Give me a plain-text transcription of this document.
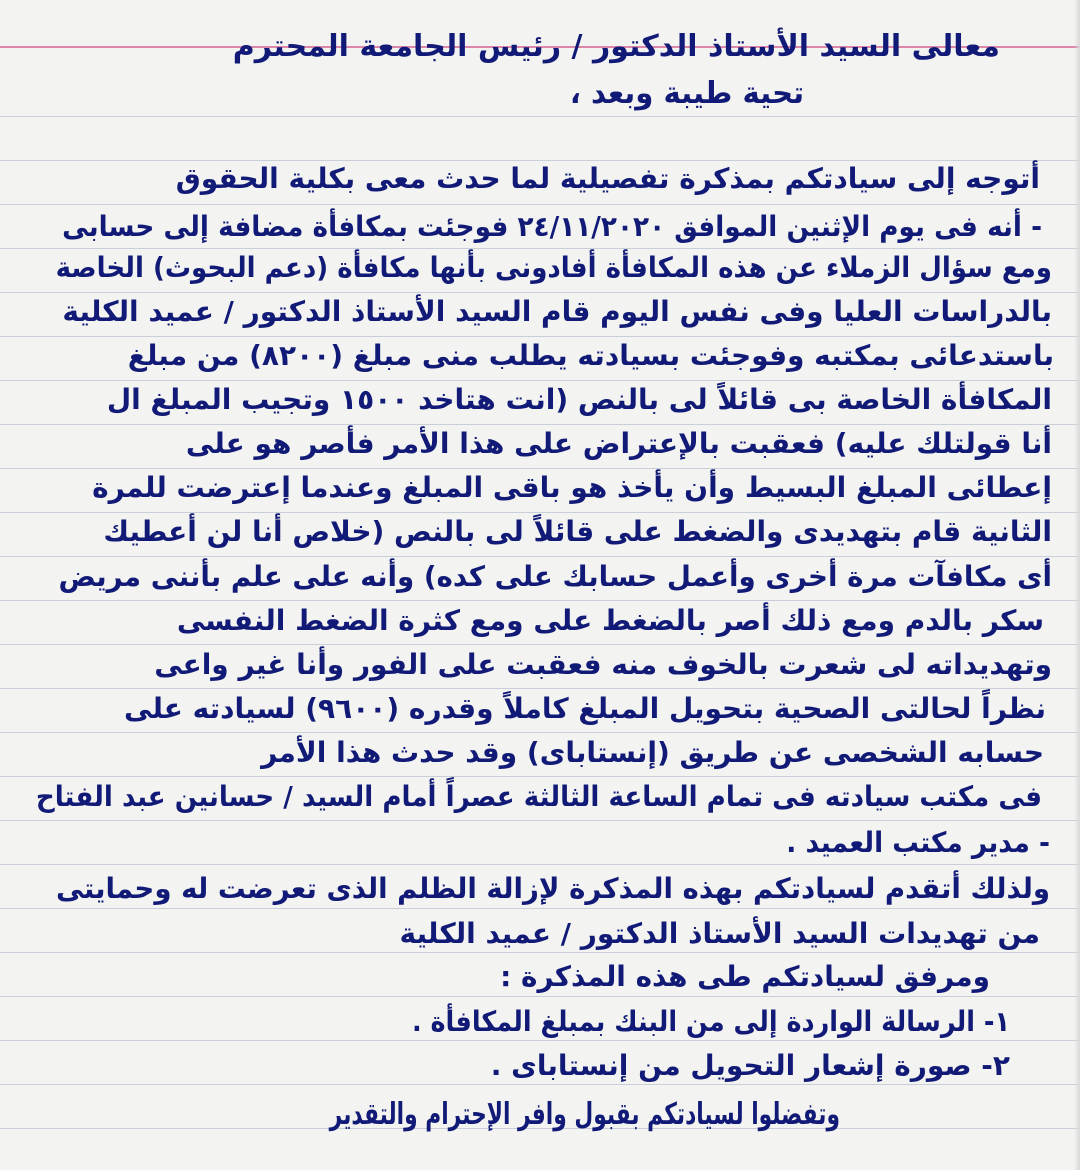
معالى السيد الأستاذ الدكتور / رئيس الجامعة المحترم
تحية طيبة وبعد ،
أتوجه إلى سيادتكم بمذكرة تفصيلية لما حدث معى بكلية الحقوق
- أنه فى يوم الإثنين الموافق ٢٤/١١/٢٠٢٠ فوجئت بمكافأة مضافة إلى حسابى
ومع سؤال الزملاء عن هذه المكافأة أفادونى بأنها مكافأة (دعم البحوث) الخاصة
بالدراسات العليا وفى نفس اليوم قام السيد الأستاذ الدكتور / عميد الكلية
باستدعائى بمكتبه وفوجئت بسيادته يطلب منى مبلغ (٨٢٠٠) من مبلغ
المكافأة الخاصة بى قائلاً لى بالنص (انت هتاخد ١٥٠٠ وتجيب المبلغ ال
أنا قولتلك عليه) فعقبت بالإعتراض على هذا الأمر فأصر هو على
إعطائى المبلغ البسيط وأن يأخذ هو باقى المبلغ وعندما إعترضت للمرة
الثانية قام بتهديدى والضغط على قائلاً لى بالنص (خلاص أنا لن أعطيك
أى مكافآت مرة أخرى وأعمل حسابك على كده) وأنه على علم بأننى مريض
سكر بالدم ومع ذلك أصر بالضغط على ومع كثرة الضغط النفسى
وتهديداته لى شعرت بالخوف منه فعقبت على الفور وأنا غير واعى
نظراً لحالتى الصحية بتحويل المبلغ كاملاً وقدره (٩٦٠٠) لسيادته على
حسابه الشخصى عن طريق (إنستاباى) وقد حدث هذا الأمر
فى مكتب سيادته فى تمام الساعة الثالثة عصراً أمام السيد / حسانين عبد الفتاح
- مدير مكتب العميد .
ولذلك أتقدم لسيادتكم بهذه المذكرة لإزالة الظلم الذى تعرضت له وحمايتى
من تهديدات السيد الأستاذ الدكتور / عميد الكلية
ومرفق لسيادتكم طى هذه المذكرة :
١- الرسالة الواردة إلى من البنك بمبلغ المكافأة .
٢- صورة إشعار التحويل من إنستاباى .
وتفضلوا لسيادتكم بقبول وافر الإحترام والتقدير
